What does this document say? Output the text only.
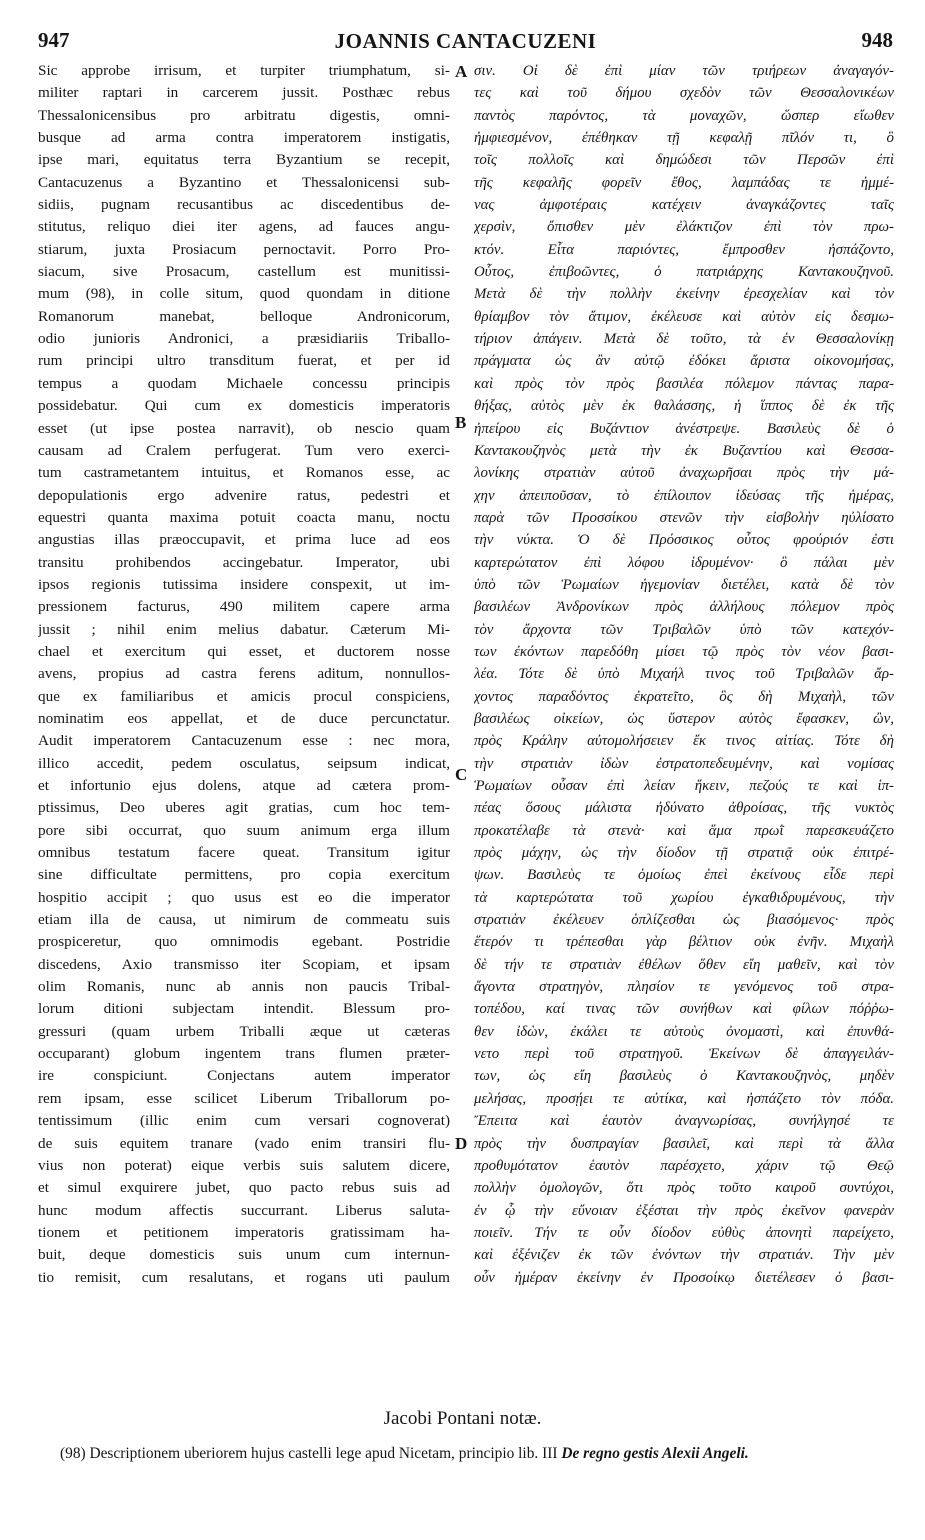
947	JOANNIS CANTACUZENI	948
Sic approbe irrisum, et turpiter triumphatum, si-
militer raptari in carcerem jussit. Posthæc rebus
Thessalonicensibus pro arbitratu digestis, omni-
busque ad arma contra imperatorem instigatis,
ipse mari, equitatus terra Byzantium se recepit,
Cantacuzenus a Byzantino et Thessalonicensi sub-
sidiis, pugnam recusantibus ac discedentibus de-
stitutus, reliquo diei iter agens, ad fauces angu-
stiarum, juxta Prosiacum pernoctavit. Porro Pro-
siacum, sive Prosacum, castellum est munitissi-
mum (98), in colle situm, quod quondam in ditione
Romanorum manebat, belloque Andronicorum,
odio junioris Andronici, a præsidiariis Triballo-
rum principi ultro transditum fuerat, et per id
tempus a quodam Michaele concessu principis
possidebatur. Qui cum ex domesticis imperatoris
esset (ut ipse postea narravit), ob nescio quam
causam ad Cralem perfugerat. Tum vero exerci-
tum castrametantem intuitus, et Romanos esse, ac
depopulationis ergo advenire ratus, pedestri et
equestri quanta maxima potuit coacta manu, noctu
angustias illas præoccupavit, et prima luce ad eos
transitu prohibendos accingebatur. Imperator, ubi
ipsos regionis tutissima insidere conspexit, ut im-
pressionem facturus, 490 militem capere arma
jussit ; nihil enim melius dabatur. Cæterum Mi-
chael et exercitum qui esset, et ductorem nosse
avens, propius ad castra ferens aditum, nonnullos-
que ex familiaribus et amicis procul conspiciens,
nominatim eos appellat, et de duce percunctatur.
Audit imperatorem Cantacuzenum esse : nec mora,
illico accedit, pedem osculatus, seipsum indicat,
et infortunio ejus dolens, atque ad cætera prom-
ptissimus, Deo uberes agit gratias, cum hoc tem-
pore sibi occurrat, quo suum animum erga illum
omnibus testatum facere queat. Transitum igitur
sine difficultate permittens, pro copia exercitum
hospitio accipit ; quo usus est eo die imperator
etiam illa de causa, ut nimirum de commeatu suis
prospiceretur, quo omnimodis egebant. Postridie
discedens, Axio transmisso iter Scopiam, et ipsam
olim Romanis, nunc ab annis non paucis Tribal-
lorum ditioni subjectam intendit. Blessum pro-
gressuri (quam urbem Triballi æque ut cæteras
occuparant) globum ingentem trans flumen præter-
ire conspiciunt. Conjectans autem imperator
rem ipsam, esse scilicet Liberum Triballorum po-
tentissimum (illic enim cum versari cognoverat)
de suis equitem tranare (vado enim transiri flu-
vius non poterat) eique verbis suis salutem dicere,
et simul exquirere jubet, quo pacto rebus suis ad
hunc modum affectis succurrant. Liberus saluta-
tionem et petitionem imperatoris gratissimam ha-
buit, deque domesticis suis unum cum internun-
tio remisit, cum resalutans, et rogans uti paulum
A
B
C
D
σιν. Οἱ δὲ ἐπὶ μίαν τῶν τριήρεων ἀναγαγόν-
τες καὶ τοῦ δήμου σχεδὸν τῶν Θεσσαλονικέων
παντὸς παρόντος, τὰ μοναχῶν, ὥσπερ εἴωθεν
ἠμφιεσμένον, ἐπέθηκαν τῇ κεφαλῇ πῖλόν τι, ὃ
τοῖς πολλοῖς καὶ δημώδεσι τῶν Περσῶν ἐπὶ
τῆς κεφαλῆς φορεῖν ἔθος, λαμπάδας τε ἡμμέ-
νας ἀμφοτέραις κατέχειν ἀναγκάζοντες ταῖς
χερσὶν, ὄπισθεν μὲν ἐλάκτιζον ἐπὶ τὸν πρω-
κτόν. Εἶτα παριόντες, ἔμπροσθεν ἠσπάζοντο,
Οὗτος, ἐπιβοῶντες, ὁ πατριάρχης Καντακουζηνοῦ.
Μετὰ δὲ τὴν πολλὴν ἐκείνην ἐρεσχελίαν καὶ τὸν
θρίαμβον τὸν ἄτιμον, ἐκέλευσε καὶ αὐτὸν εἰς δεσμω-
τήριον ἀπάγειν. Μετὰ δὲ τοῦτο, τὰ ἐν Θεσσαλονίκῃ
πράγματα ὡς ἂν αὐτῷ ἐδόκει ἄριστα οἰκονομήσας,
καὶ πρὸς τὸν πρὸς βασιλέα πόλεμον πάντας παρα-
θήξας, αὐτὸς μὲν ἐκ θαλάσσης, ἡ ἵππος δὲ ἐκ τῆς
ἠπείρου εἰς Βυζάντιον ἀνέστρεψε. Βασιλεὺς δὲ ὁ
Καντακουζηνὸς μετὰ τὴν ἐκ Βυζαντίου καὶ Θεσσα-
λονίκης στρατιὰν αὐτοῦ ἀναχωρῆσαι πρὸς τὴν μά-
χην ἀπειποῦσαν, τὸ ἐπίλοιπον ἰδεύσας τῆς ἡμέρας,
παρὰ τῶν Προσσίκου στενῶν τὴν εἰσβολὴν ηὐλίσατο
τὴν νύκτα. Ὁ δὲ Πρόσσικος οὗτος φρούριόν ἐστι
καρτερώτατον ἐπὶ λόφου ἱδρυμένον· ὃ πάλαι μὲν
ὑπὸ τῶν Ῥωμαίων ἡγεμονίαν διετέλει, κατὰ δὲ τὸν
βασιλέων Ἀνδρονίκων πρὸς ἀλλήλους πόλεμον πρὸς
τὸν ἄρχοντα τῶν Τριβαλῶν ὑπὸ τῶν κατεχόν-
των ἐκόντων παρεδόθη μίσει τῷ πρὸς τὸν νέον βασι-
λέα. Τότε δὲ ὑπὸ Μιχαήλ τινος τοῦ Τριβαλῶν ἄρ-
χοντος παραδόντος ἐκρατεῖτο, ὃς δὴ Μιχαὴλ, τῶν
βασιλέως οἰκείων, ὡς ὕστερον αὐτὸς ἔφασκεν, ὢν,
πρὸς Κράλην αὐτομολήσειεν ἔκ τινος αἰτίας. Τότε δὴ
τὴν στρατιὰν ἰδὼν ἐστρατοπεδευμένην, καὶ νομίσας
Ῥωμαίων οὖσαν ἐπὶ λείαν ἥκειν, πεζούς τε καὶ ἱπ-
πέας ὅσους μάλιστα ἠδύνατο ἀθροίσας, τῆς νυκτὸς
προκατέλαβε τὰ στενὰ· καὶ ἅμα πρωῒ παρεσκευάζετο
πρὸς μάχην, ὡς τὴν δίοδον τῇ στρατιᾷ οὐκ ἐπιτρέ-
ψων. Βασιλεὺς τε ὁμοίως ἐπεὶ ἐκείνους εἶδε περὶ
τὰ καρτερώτατα τοῦ χωρίου ἐγκαθιδρυμένους, τὴν
στρατιὰν ἐκέλευεν ὁπλίζεσθαι ὡς βιασόμενος· πρὸς
ἕτερόν τι τρέπεσθαι γὰρ βέλτιον οὐκ ἐνῆν. Μιχαὴλ
δὲ τήν τε στρατιὰν ἐθέλων ὅθεν εἴη μαθεῖν, καὶ τὸν
ἄγοντα στρατηγὸν, πλησίον τε γενόμενος τοῦ στρα-
τοπέδου, καί τινας τῶν συνήθων καὶ φίλων πόῤῥω-
θεν ἰδὼν, ἐκάλει τε αὐτοὺς ὀνομαστὶ, καὶ ἐπυνθά-
νετο περὶ τοῦ στρατηγοῦ. Ἐκείνων δὲ ἀπαγγειλάν-
των, ὡς εἴη βασιλεὺς ὁ Καντακουζηνὸς, μηδὲν
μελήσας, προσῄει τε αὐτίκα, καὶ ἠσπάζετο τὸν πόδα.
Ἔπειτα καὶ ἑαυτὸν ἀναγνωρίσας, συνήλγησέ τε
πρὸς τὴν δυσπραγίαν βασιλεῖ, καὶ περὶ τὰ ἄλλα
προθυμότατον ἑαυτὸν παρέσχετο, χάριν τῷ Θεῷ
πολλὴν ὁμολογῶν, ὅτι πρὸς τοῦτο καιροῦ συντύχοι,
ἐν ᾧ τὴν εὔνοιαν ἐξέσται τὴν πρὸς ἐκεῖνον φανερὰν
ποιεῖν. Τήν τε οὖν δίοδον εὐθὺς ἀπονητὶ παρείχετο,
καὶ ἐξένιζεν ἐκ τῶν ἐνόντων τὴν στρατιάν. Τὴν μὲν
οὖν ἡμέραν ἐκείνην ἐν Προσοίκῳ διετέλεσεν ὁ βασι-
Jacobi Pontani notæ.
(98) Descriptionem uberiorem hujus castelli lege apud Nicetam, principio lib. III De regno gestis Alexii Angeli.
